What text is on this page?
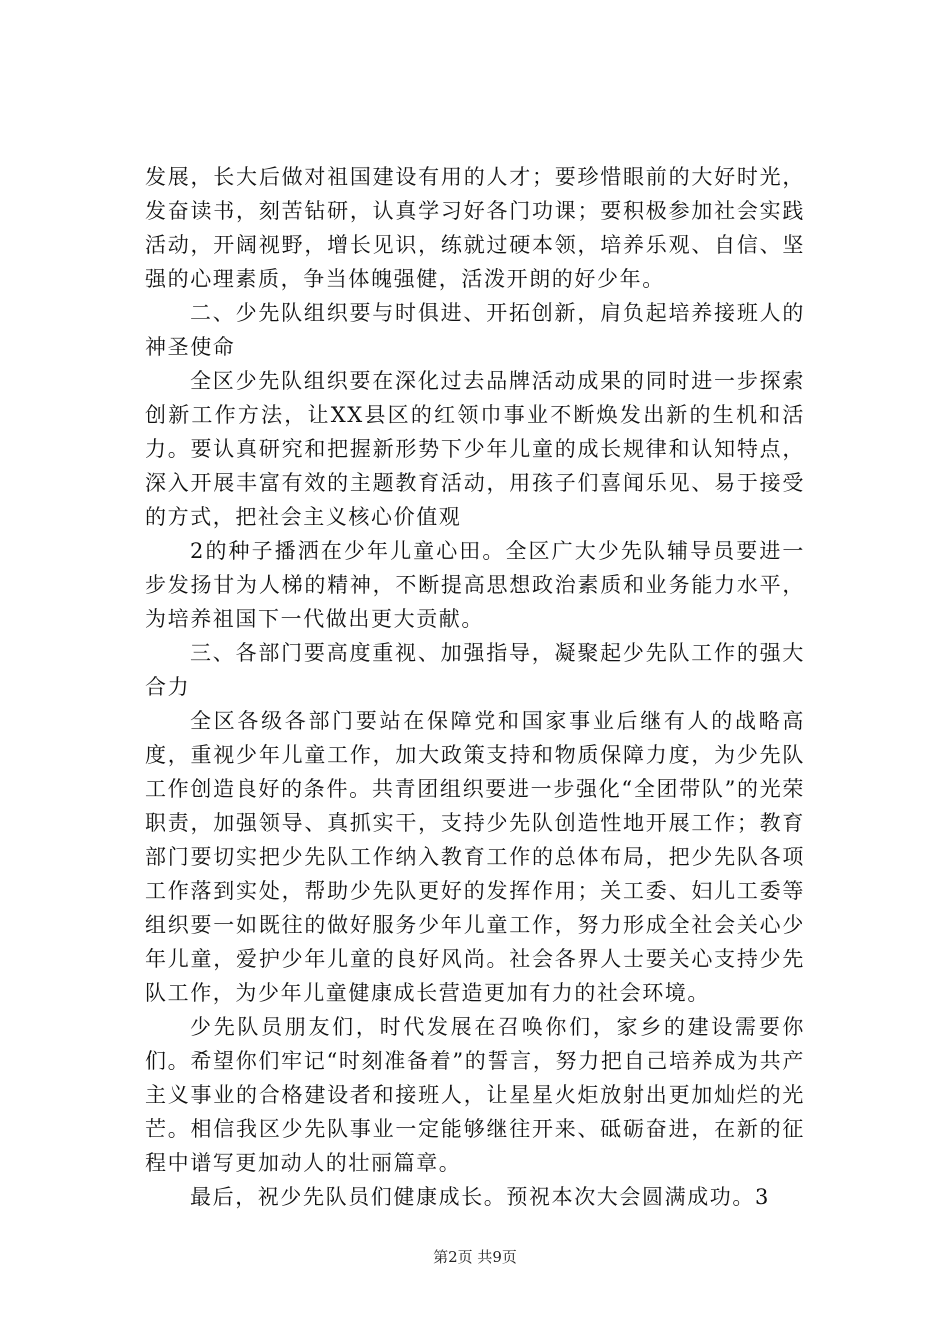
发展，长大后做对祖国建设有用的人才；要珍惜眼前的大好时光，发奋读书，刻苦钻研，认真学习好各门功课；要积极参加社会实践活动，开阔视野，增长见识，练就过硬本领，培养乐观、自信、坚强的心理素质，争当体魄强健，活泼开朗的好少年。

二、少先队组织要与时俱进、开拓创新，肩负起培养接班人的神圣使命

全区少先队组织要在深化过去品牌活动成果的同时进一步探索创新工作方法，让XX县区的红领巾事业不断焕发出新的生机和活力。要认真研究和把握新形势下少年儿童的成长规律和认知特点，深入开展丰富有效的主题教育活动，用孩子们喜闻乐见、易于接受的方式，把社会主义核心价值观

2的种子播洒在少年儿童心田。全区广大少先队辅导员要进一步发扬甘为人梯的精神，不断提高思想政治素质和业务能力水平，为培养祖国下一代做出更大贡献。

三、各部门要高度重视、加强指导，凝聚起少先队工作的强大合力

全区各级各部门要站在保障党和国家事业后继有人的战略高度，重视少年儿童工作，加大政策支持和物质保障力度，为少先队工作创造良好的条件。共青团组织要进一步强化“全团带队”的光荣职责，加强领导、真抓实干，支持少先队创造性地开展工作；教育部门要切实把少先队工作纳入教育工作的总体布局，把少先队各项工作落到实处，帮助少先队更好的发挥作用；关工委、妇儿工委等组织要一如既往的做好服务少年儿童工作，努力形成全社会关心少年儿童，爱护少年儿童的良好风尚。社会各界人士要关心支持少先队工作，为少年儿童健康成长营造更加有力的社会环境。

少先队员朋友们，时代发展在召唤你们，家乡的建设需要你们。希望你们牢记“时刻准备着”的誓言，努力把自己培养成为共产主义事业的合格建设者和接班人，让星星火炬放射出更加灿烂的光芒。相信我区少先队事业一定能够继往开来、砥砺奋进，在新的征程中谱写更加动人的壮丽篇章。

最后，祝少先队员们健康成长。预祝本次大会圆满成功。3

第2页 共9页
